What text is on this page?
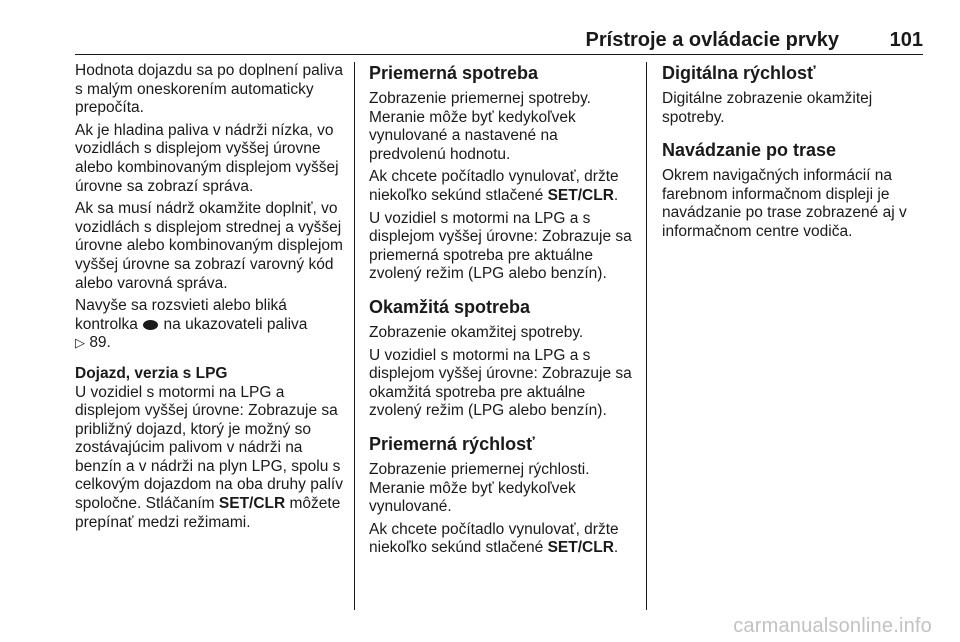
Prístroje a ovládacie prvky	101

Hodnota dojazdu sa po doplnení paliva s malým oneskorením automaticky prepočíta.

Ak je hladina paliva v nádrži nízka, vo vozidlách s displejom vyššej úrovne alebo kombinovaným displejom vyššej úrovne sa zobrazí správa.

Ak sa musí nádrž okamžite doplniť, vo vozidlách s displejom strednej a vyššej úrovne alebo kombinovaným displejom vyššej úrovne sa zobrazí varovný kód alebo varovná správa.

Navyše sa rozsvieti alebo bliká kontrolka na ukazovateli paliva
▷ 89.

Dojazd, verzia s LPG

U vozidiel s motormi na LPG a displejom vyššej úrovne: Zobrazuje sa približný dojazd, ktorý je možný so zostávajúcim palivom v nádrži na benzín a v nádrži na plyn LPG, spolu s celkovým dojazdom na oba druhy palív spoločne. Stláčaním SET/CLR môžete prepínať medzi režimami.

Priemerná spotreba

Zobrazenie priemernej spotreby. Meranie môže byť kedykoľvek vynulované a nastavené na predvolenú hodnotu.

Ak chcete počítadlo vynulovať, držte niekoľko sekúnd stlačené SET/CLR.

U vozidiel s motormi na LPG a s displejom vyššej úrovne: Zobrazuje sa priemerná spotreba pre aktuálne zvolený režim (LPG alebo benzín).

Okamžitá spotreba

Zobrazenie okamžitej spotreby.

U vozidiel s motormi na LPG a s displejom vyššej úrovne: Zobrazuje sa okamžitá spotreba pre aktuálne zvolený režim (LPG alebo benzín).

Priemerná rýchlosť

Zobrazenie priemernej rýchlosti. Meranie môže byť kedykoľvek vynulované.

Ak chcete počítadlo vynulovať, držte niekoľko sekúnd stlačené SET/CLR.

Digitálna rýchlosť

Digitálne zobrazenie okamžitej spotreby.

Navádzanie po trase

Okrem navigačných informácií na farebnom informačnom displeji je navádzanie po trase zobrazené aj v informačnom centre vodiča.

carmanualsonline.info
